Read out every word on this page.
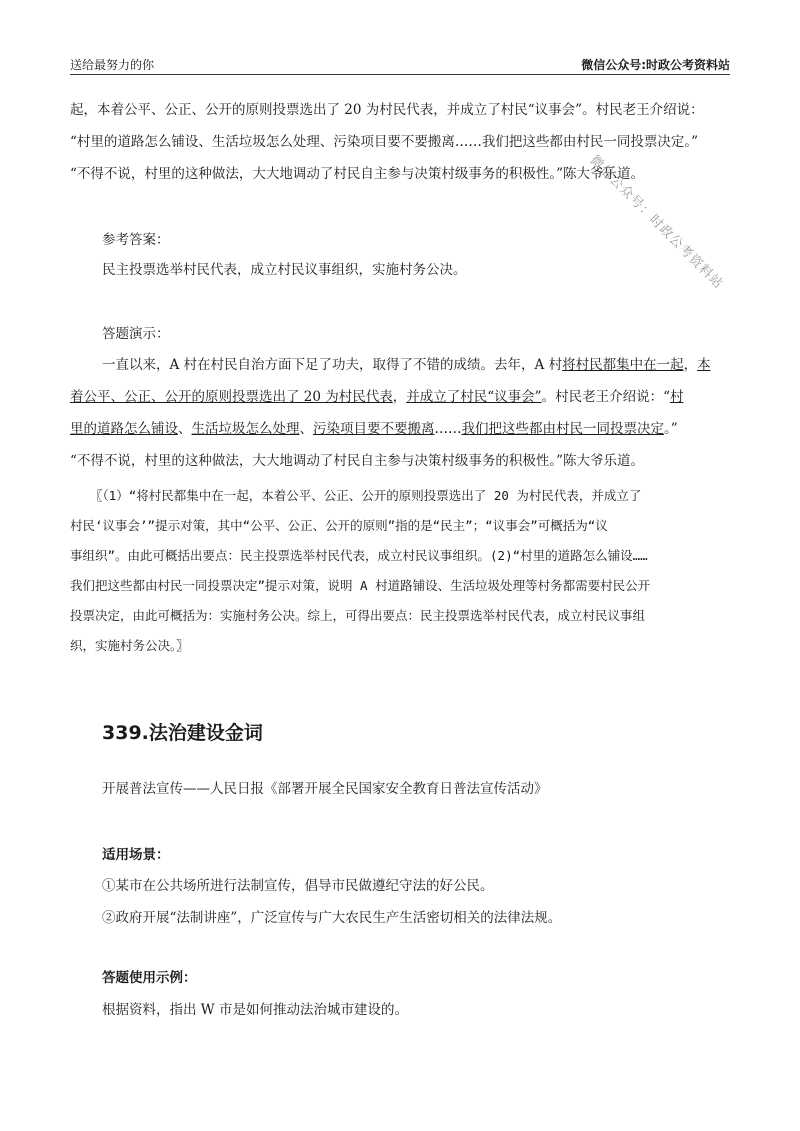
送给最努力的你	微信公众号:时政公考资料站
微信公众号：时政公考资料站
起，本着公平、公正、公开的原则投票选出了 20 为村民代表，并成立了村民“议事会”。村民老王介绍说：
“村里的道路怎么铺设、生活垃圾怎么处理、污染项目要不要搬离……我们把这些都由村民一同投票决定。”
“不得不说，村里的这种做法，大大地调动了村民自主参与决策村级事务的积极性。”陈大爷乐道。
参考答案：
民主投票选举村民代表，成立村民议事组织，实施村务公决。
答题演示：
一直以来，A 村在村民自治方面下足了功夫，取得了不错的成绩。去年，A 村将村民都集中在一起，本
着公平、公正、公开的原则投票选出了 20 为村民代表，并成立了村民“议事会”。村民老王介绍说：“村
里的道路怎么铺设、生活垃圾怎么处理、污染项目要不要搬离……我们把这些都由村民一同投票决定。”
“不得不说，村里的这种做法，大大地调动了村民自主参与决策村级事务的积极性。”陈大爷乐道。
〖（1）“将村民都集中在一起，本着公平、公正、公开的原则投票选出了 20 为村民代表，并成立了
村民‘议事会’”提示对策，其中“公平、公正、公开的原则”指的是“民主”；“议事会”可概括为“议
事组织”。由此可概括出要点：民主投票选举村民代表，成立村民议事组织。(2)“村里的道路怎么铺设……
我们把这些都由村民一同投票决定”提示对策，说明 A 村道路铺设、生活垃圾处理等村务都需要村民公开
投票决定，由此可概括为：实施村务公决。综上，可得出要点：民主投票选举村民代表，成立村民议事组
织，实施村务公决。〗
339.法治建设金词
开展普法宣传——人民日报《部署开展全民国家安全教育日普法宣传活动》
适用场景：
①某市在公共场所进行法制宣传，倡导市民做遵纪守法的好公民。
②政府开展“法制讲座”，广泛宣传与广大农民生产生活密切相关的法律法规。
答题使用示例：
根据资料，指出 W 市是如何推动法治城市建设的。
